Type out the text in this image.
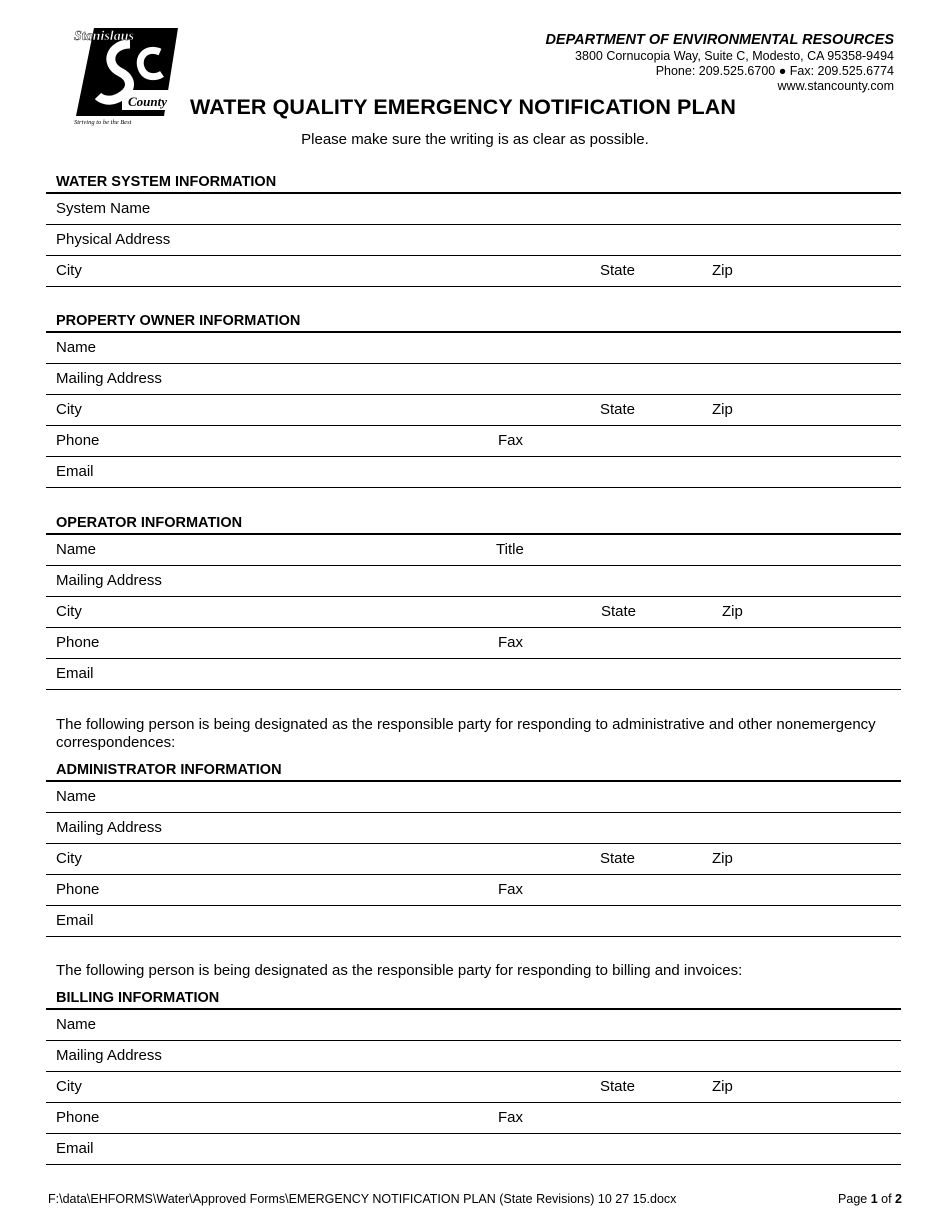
Stanislaus
County
Striving to be the Best
DEPARTMENT OF ENVIRONMENTAL RESOURCES
3800 Cornucopia Way, Suite C, Modesto, CA 95358-9494
Phone: 209.525.6700 ● Fax: 209.525.6774
www.stancounty.com
WATER QUALITY EMERGENCY NOTIFICATION PLAN
Please make sure the writing is as clear as possible.
WATER SYSTEM INFORMATION
System Name
Physical Address
City	State	Zip
PROPERTY OWNER INFORMATION
Name
Mailing Address
City	State	Zip
Phone	Fax
Email
OPERATOR INFORMATION
Name	Title
Mailing Address
City	State	Zip
Phone	Fax
Email
The following person is being designated as the responsible party for responding to administrative and other nonemergency correspondences:
ADMINISTRATOR INFORMATION
Name
Mailing Address
City	State	Zip
Phone	Fax
Email
The following person is being designated as the responsible party for responding to billing and invoices:
BILLING INFORMATION
Name
Mailing Address
City	State	Zip
Phone	Fax
Email
F:\data\EHFORMS\Water\Approved Forms\EMERGENCY NOTIFICATION PLAN (State Revisions) 10 27 15.docx	Page 1 of 2
